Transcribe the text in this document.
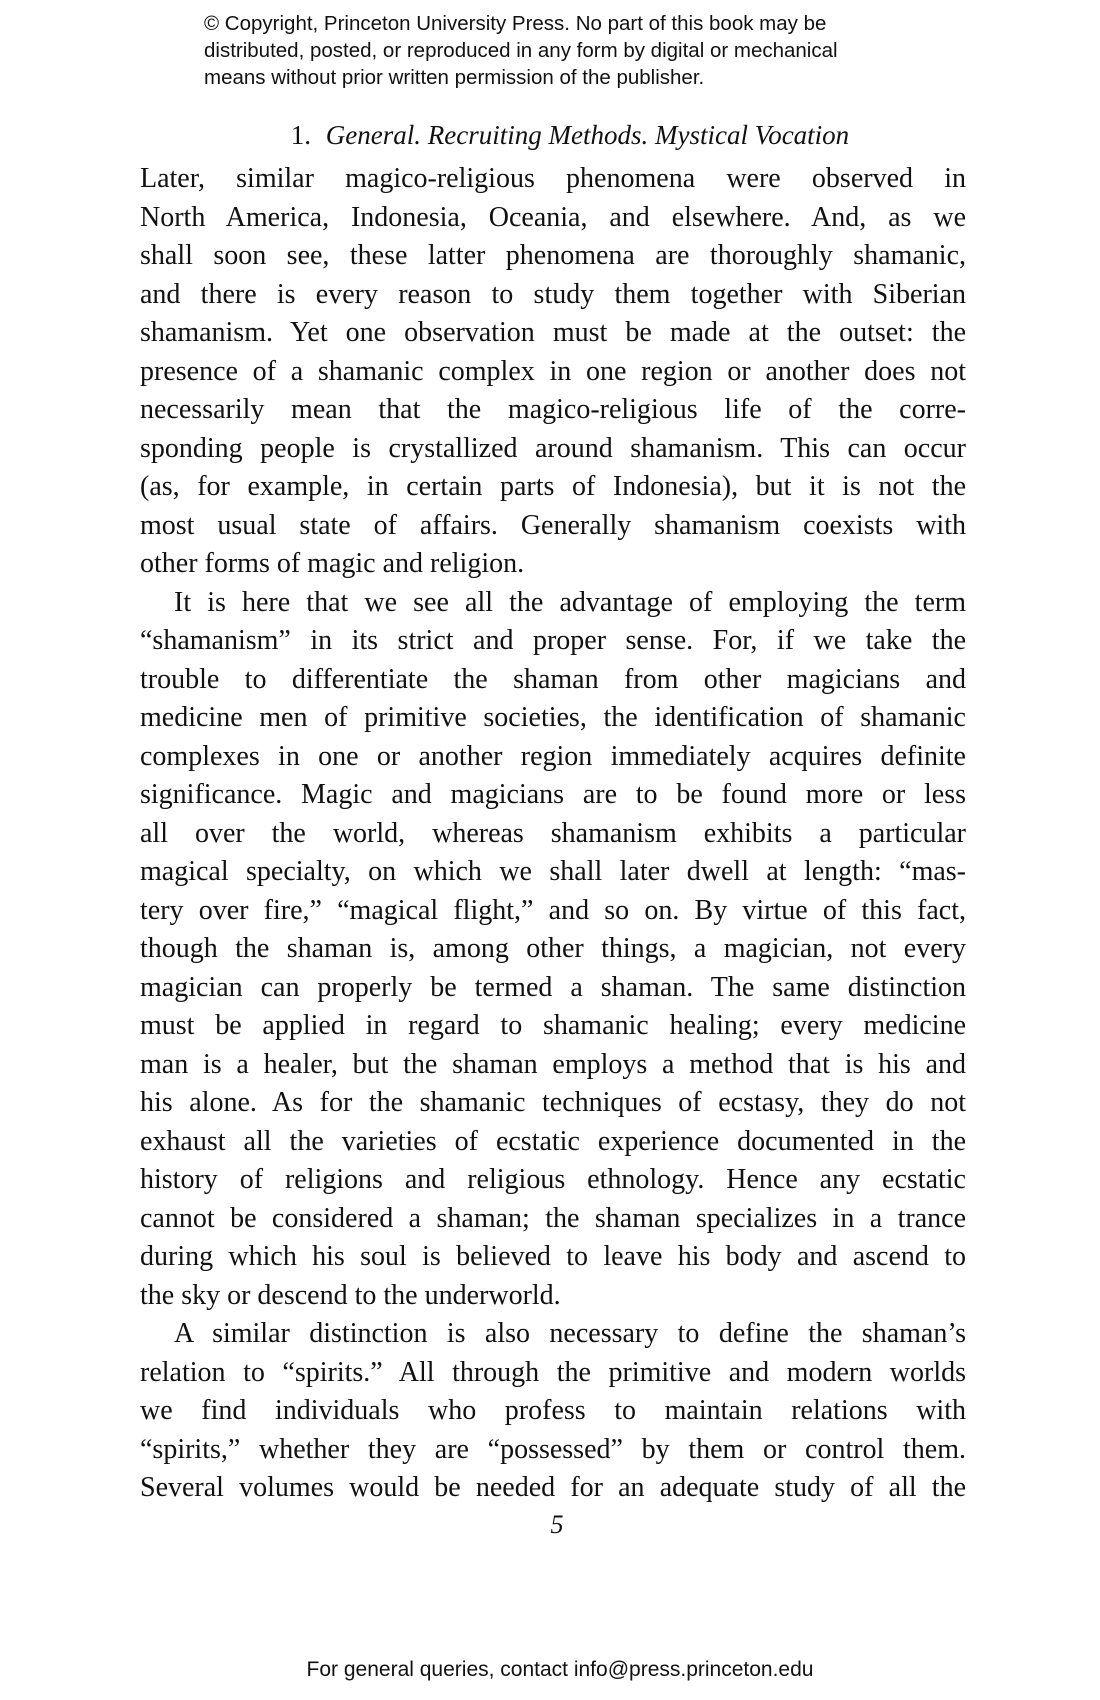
© Copyright, Princeton University Press. No part of this book may be
distributed, posted, or reproduced in any form by digital or mechanical
means without prior written permission of the publisher.
1. General. Recruiting Methods. Mystical Vocation
Later, similar magico-religious phenomena were observed in
North America, Indonesia, Oceania, and elsewhere. And, as we
shall soon see, these latter phenomena are thoroughly shamanic,
and there is every reason to study them together with Siberian
shamanism. Yet one observation must be made at the outset: the
presence of a shamanic complex in one region or another does not
necessarily mean that the magico-religious life of the corre-
sponding people is crystallized around shamanism. This can occur
(as, for example, in certain parts of Indonesia), but it is not the
most usual state of affairs. Generally shamanism coexists with
other forms of magic and religion.
It is here that we see all the advantage of employing the term
“shamanism” in its strict and proper sense. For, if we take the
trouble to differentiate the shaman from other magicians and
medicine men of primitive societies, the identification of shamanic
complexes in one or another region immediately acquires definite
significance. Magic and magicians are to be found more or less
all over the world, whereas shamanism exhibits a particular
magical specialty, on which we shall later dwell at length: “mas-
tery over fire,” “magical flight,” and so on. By virtue of this fact,
though the shaman is, among other things, a magician, not every
magician can properly be termed a shaman. The same distinction
must be applied in regard to shamanic healing; every medicine
man is a healer, but the shaman employs a method that is his and
his alone. As for the shamanic techniques of ecstasy, they do not
exhaust all the varieties of ecstatic experience documented in the
history of religions and religious ethnology. Hence any ecstatic
cannot be considered a shaman; the shaman specializes in a trance
during which his soul is believed to leave his body and ascend to
the sky or descend to the underworld.
A similar distinction is also necessary to define the shaman’s
relation to “spirits.” All through the primitive and modern worlds
we find individuals who profess to maintain relations with
“spirits,” whether they are “possessed” by them or control them.
Several volumes would be needed for an adequate study of all the
5
For general queries, contact info@press.princeton.edu
